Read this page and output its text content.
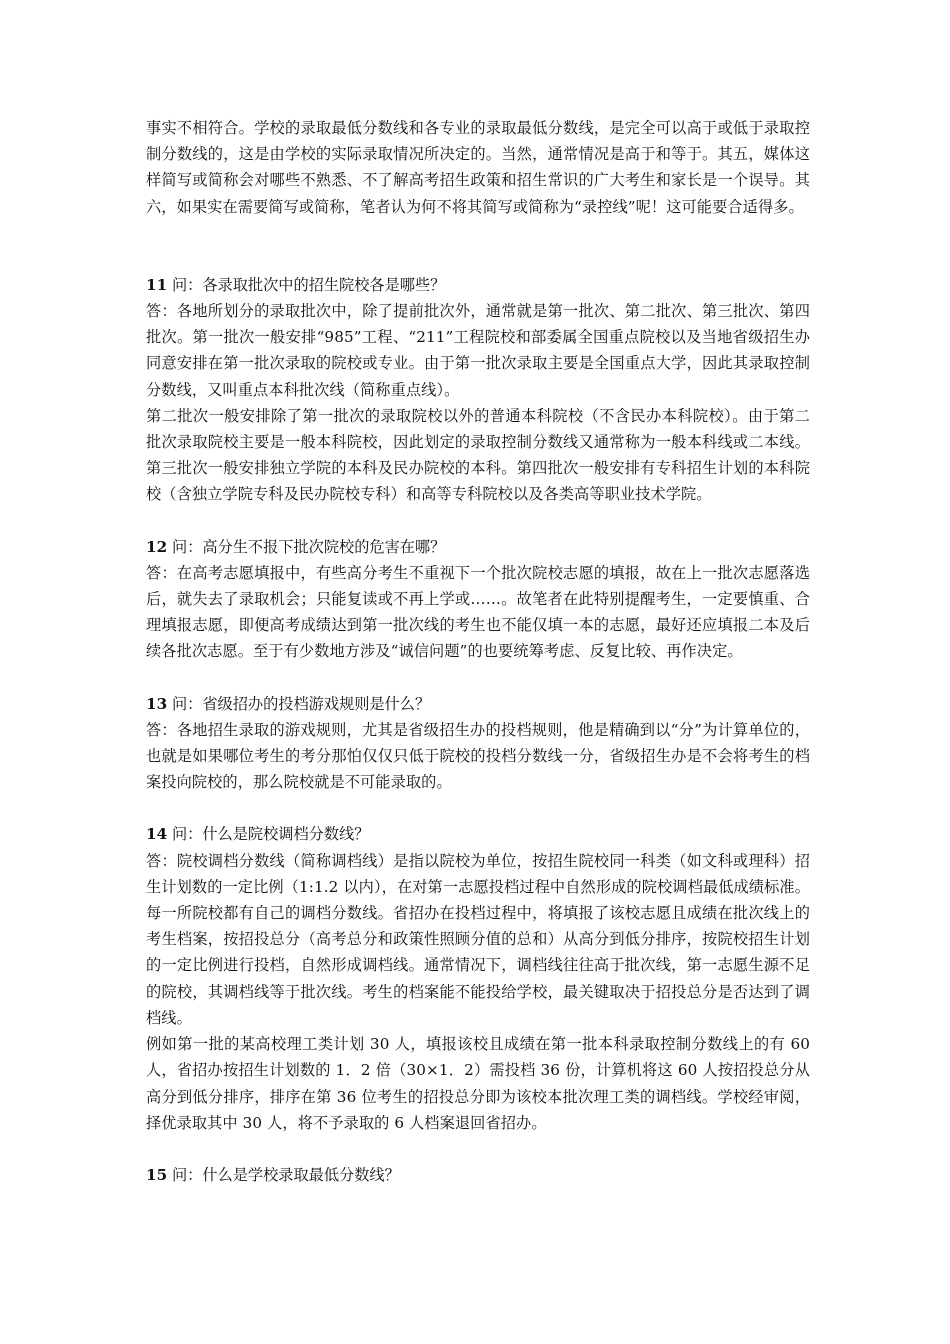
事实不相符合。学校的录取最低分数线和各专业的录取最低分数线，是完全可以高于或低于录取控制分数线的，这是由学校的实际录取情况所决定的。当然，通常情况是高于和等于。其五，媒体这样简写或简称会对哪些不熟悉、不了解高考招生政策和招生常识的广大考生和家长是一个误导。其六，如果实在需要简写或简称，笔者认为何不将其简写或简称为“录控线”呢！这可能要合适得多。

11 问：各录取批次中的招生院校各是哪些？

答：各地所划分的录取批次中，除了提前批次外，通常就是第一批次、第二批次、第三批次、第四批次。第一批次一般安排“985”工程、“211”工程院校和部委属全国重点院校以及当地省级招生办同意安排在第一批次录取的院校或专业。由于第一批次录取主要是全国重点大学，因此其录取控制分数线，又叫重点本科批次线（简称重点线）。

第二批次一般安排除了第一批次的录取院校以外的普通本科院校（不含民办本科院校）。由于第二批次录取院校主要是一般本科院校，因此划定的录取控制分数线又通常称为一般本科线或二本线。第三批次一般安排独立学院的本科及民办院校的本科。第四批次一般安排有专科招生计划的本科院校（含独立学院专科及民办院校专科）和高等专科院校以及各类高等职业技术学院。

12 问：高分生不报下批次院校的危害在哪？

答：在高考志愿填报中，有些高分考生不重视下一个批次院校志愿的填报，故在上一批次志愿落选后，就失去了录取机会；只能复读或不再上学或……。故笔者在此特别提醒考生，一定要慎重、合理填报志愿，即便高考成绩达到第一批次线的考生也不能仅填一本的志愿，最好还应填报二本及后续各批次志愿。至于有少数地方涉及“诚信问题”的也要统筹考虑、反复比较、再作决定。

13 问：省级招办的投档游戏规则是什么？

答：各地招生录取的游戏规则，尤其是省级招生办的投档规则，他是精确到以“分”为计算单位的，也就是如果哪位考生的考分那怕仅仅只低于院校的投档分数线一分，省级招生办是不会将考生的档案投向院校的，那么院校就是不可能录取的。

14 问：什么是院校调档分数线？

答：院校调档分数线（简称调档线）是指以院校为单位，按招生院校同一科类（如文科或理科）招生计划数的一定比例（1:1.2 以内），在对第一志愿投档过程中自然形成的院校调档最低成绩标准。每一所院校都有自己的调档分数线。省招办在投档过程中，将填报了该校志愿且成绩在批次线上的考生档案，按招投总分（高考总分和政策性照顾分值的总和）从高分到低分排序，按院校招生计划的一定比例进行投档，自然形成调档线。通常情况下，调档线往往高于批次线，第一志愿生源不足的院校，其调档线等于批次线。考生的档案能不能投给学校，最关键取决于招投总分是否达到了调档线。

例如第一批的某高校理工类计划 30 人，填报该校且成绩在第一批本科录取控制分数线上的有 60 人，省招办按招生计划数的 1．2 倍（30×1．2）需投档 36 份，计算机将这 60 人按招投总分从高分到低分排序，排序在第 36 位考生的招投总分即为该校本批次理工类的调档线。学校经审阅，择优录取其中 30 人，将不予录取的 6 人档案退回省招办。

15 问：什么是学校录取最低分数线？
